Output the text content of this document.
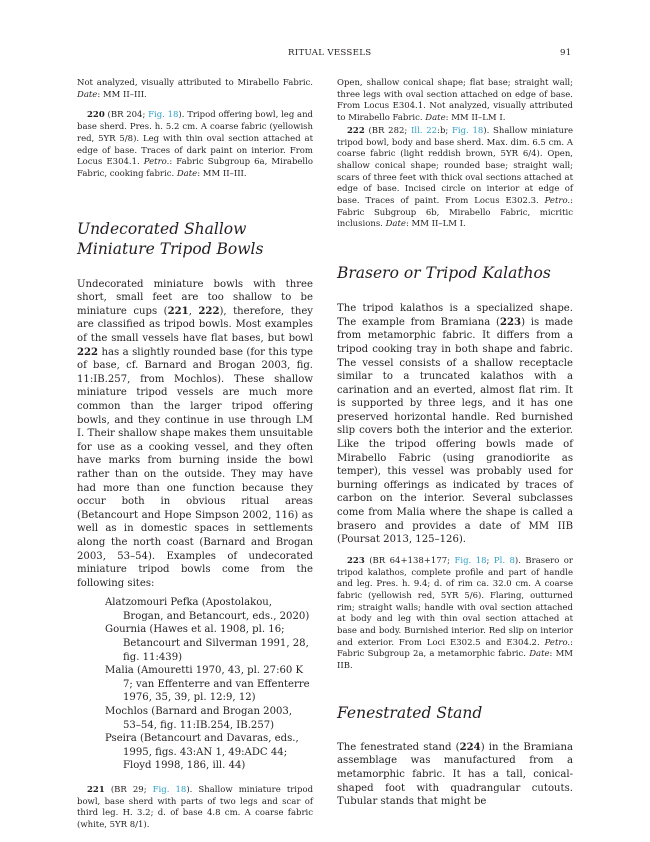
RITUAL VESSELS	91

Not analyzed, visually attributed to Mirabello Fabric. Date: MM II–III.

220 (BR 204; Fig. 18). Tripod offering bowl, leg and base sherd. Pres. h. 5.2 cm. A coarse fabric (yellowish red, 5YR 5/8). Leg with thin oval section attached at edge of base. Traces of dark paint on interior. From Locus E304.1. Petro.: Fabric Subgroup 6a, Mirabello Fabric, cooking fabric. Date: MM II–III.

Undecorated Shallow Miniature Tripod Bowls

Undecorated miniature bowls with three short, small feet are too shallow to be miniature cups (221, 222), therefore, they are classified as tripod bowls. Most examples of the small vessels have flat bases, but bowl 222 has a slightly rounded base (for this type of base, cf. Barnard and Brogan 2003, fig. 11:IB.257, from Mochlos). These shallow miniature tripod vessels are much more common than the larger tripod offering bowls, and they continue in use through LM I. Their shallow shape makes them unsuitable for use as a cooking vessel, and they often have marks from burning inside the bowl rather than on the outside. They may have had more than one function because they occur both in obvious ritual areas (Betancourt and Hope Simpson 2002, 116) as well as in domestic spaces in settlements along the north coast (Barnard and Brogan 2003, 53–54). Examples of undecorated miniature tripod bowls come from the following sites:

Alatzomouri Pefka (Apostolakou, Brogan, and Betancourt, eds., 2020)
Gournia (Hawes et al. 1908, pl. 16; Betancourt and Silverman 1991, 28, fig. 11:439)
Malia (Amouretti 1970, 43, pl. 27:60 K 7; van Effenterre and van Effenterre 1976, 35, 39, pl. 12:9, 12)
Mochlos (Barnard and Brogan 2003, 53–54, fig. 11:IB.254, IB.257)
Pseira (Betancourt and Davaras, eds., 1995, figs. 43:AN 1, 49:ADC 44; Floyd 1998, 186, ill. 44)

221 (BR 29; Fig. 18). Shallow miniature tripod bowl, base sherd with parts of two legs and scar of third leg. H. 3.2; d. of base 4.8 cm. A coarse fabric (white, 5YR 8/1).

Open, shallow conical shape; flat base; straight wall; three legs with oval section attached on edge of base. From Locus E304.1. Not analyzed, visually attributed to Mirabello Fabric. Date: MM II–LM I.

222 (BR 282; Ill. 22:b; Fig. 18). Shallow miniature tripod bowl, body and base sherd. Max. dim. 6.5 cm. A coarse fabric (light reddish brown, 5YR 6/4). Open, shallow conical shape; rounded base; straight wall; scars of three feet with thick oval sections attached at edge of base. Incised circle on interior at edge of base. Traces of paint. From Locus E302.3. Petro.: Fabric Subgroup 6b, Mirabello Fabric, micritic inclusions. Date: MM II–LM I.

Brasero or Tripod Kalathos

The tripod kalathos is a specialized shape. The example from Bramiana (223) is made from metamorphic fabric. It differs from a tripod cooking tray in both shape and fabric. The vessel consists of a shallow receptacle similar to a truncated kalathos with a carination and an everted, almost flat rim. It is supported by three legs, and it has one preserved horizontal handle. Red burnished slip covers both the interior and the exterior. Like the tripod offering bowls made of Mirabello Fabric (using granodiorite as temper), this vessel was probably used for burning offerings as indicated by traces of carbon on the interior. Several subclasses come from Malia where the shape is called a brasero and provides a date of MM IIB (Poursat 2013, 125–126).

223 (BR 64+138+177; Fig. 18; Pl. 8). Brasero or tripod kalathos, complete profile and part of handle and leg. Pres. h. 9.4; d. of rim ca. 32.0 cm. A coarse fabric (yellowish red, 5YR 5/6). Flaring, outturned rim; straight walls; handle with oval section attached at body and leg with thin oval section attached at base and body. Burnished interior. Red slip on interior and exterior. From Loci E302.5 and E304.2. Petro.: Fabric Subgroup 2a, a metamorphic fabric. Date: MM IIB.

Fenestrated Stand

The fenestrated stand (224) in the Bramiana assemblage was manufactured from a metamorphic fabric. It has a tall, conical-shaped foot with quadrangular cutouts. Tubular stands that might be
